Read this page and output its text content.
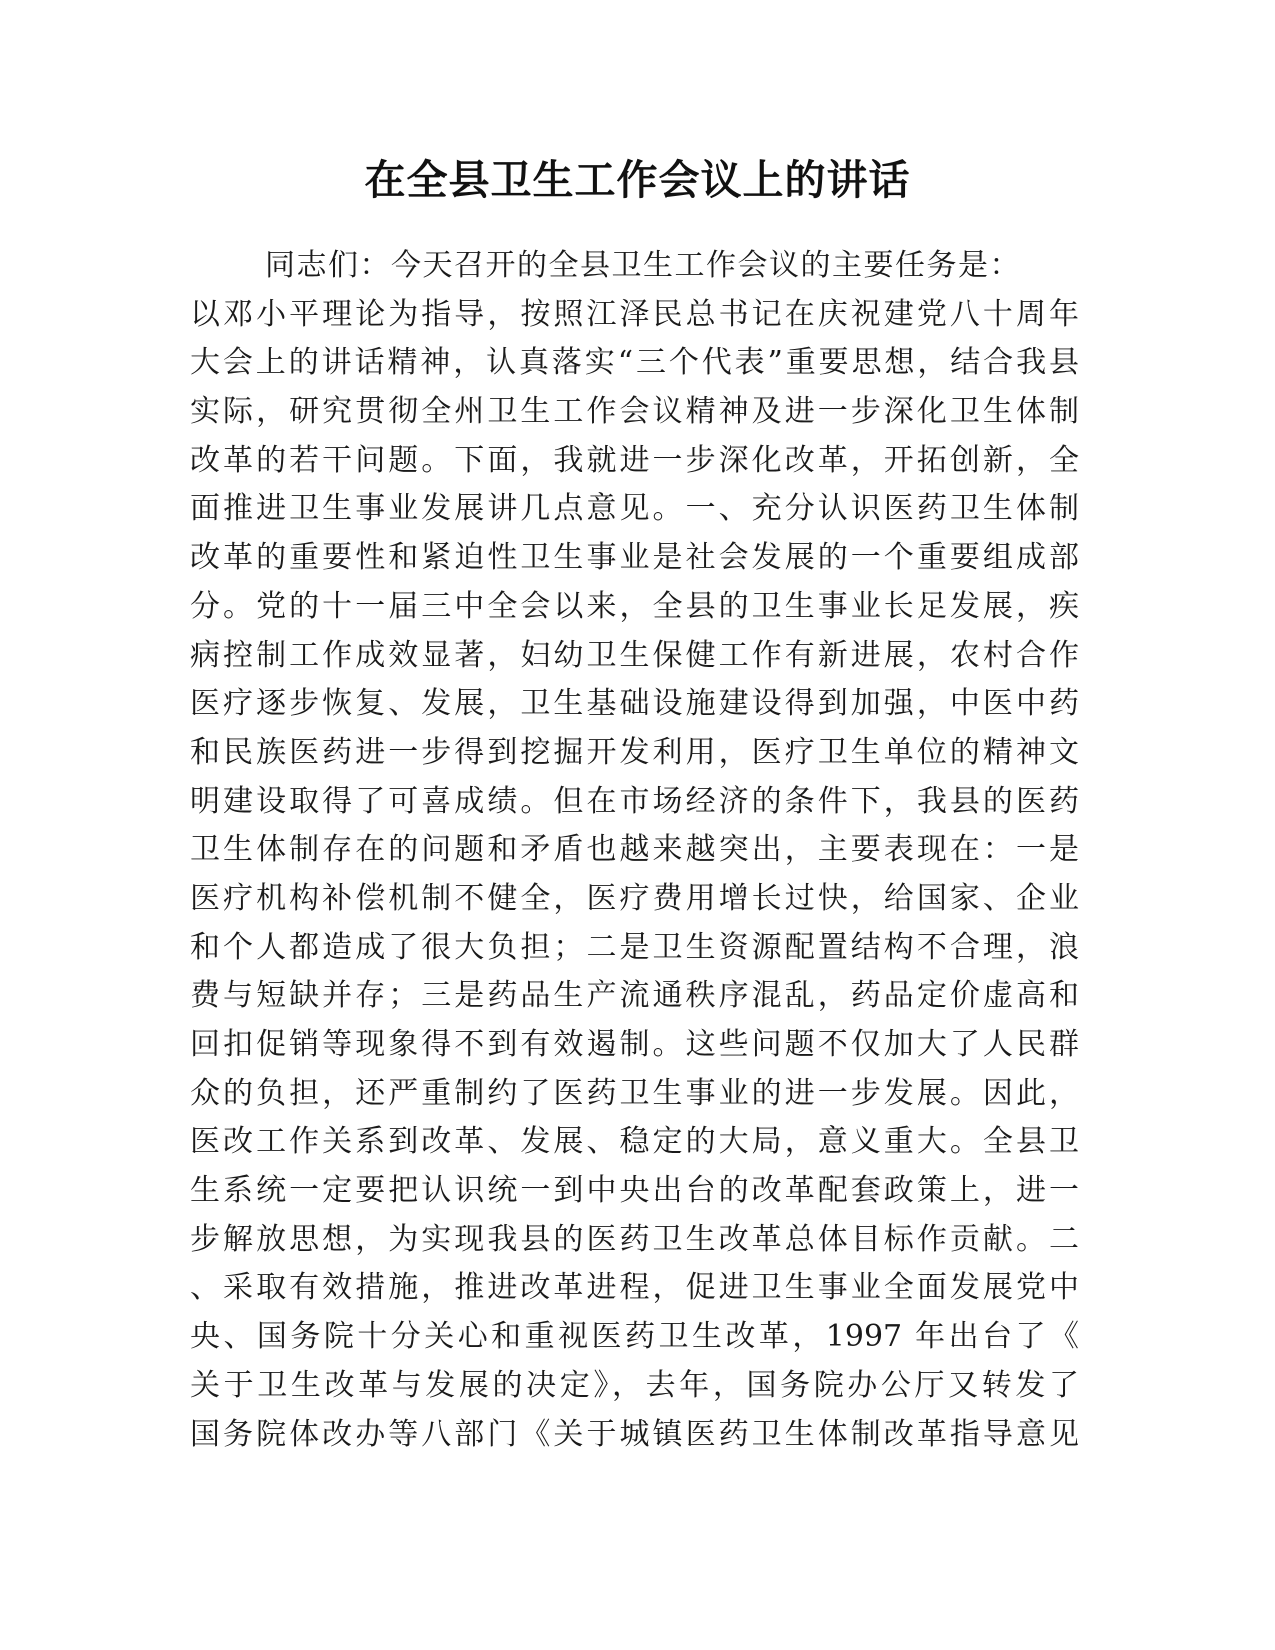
在全县卫生工作会议上的讲话
同志们：今天召开的全县卫生工作会议的主要任务是：
以邓小平理论为指导，按照江泽民总书记在庆祝建党八十周年
大会上的讲话精神，认真落实“三个代表”重要思想，结合我县
实际，研究贯彻全州卫生工作会议精神及进一步深化卫生体制
改革的若干问题。下面，我就进一步深化改革，开拓创新，全
面推进卫生事业发展讲几点意见。一、充分认识医药卫生体制
改革的重要性和紧迫性卫生事业是社会发展的一个重要组成部
分。党的十一届三中全会以来，全县的卫生事业长足发展，疾
病控制工作成效显著，妇幼卫生保健工作有新进展，农村合作
医疗逐步恢复、发展，卫生基础设施建设得到加强，中医中药
和民族医药进一步得到挖掘开发利用，医疗卫生单位的精神文
明建设取得了可喜成绩。但在市场经济的条件下，我县的医药
卫生体制存在的问题和矛盾也越来越突出，主要表现在：一是
医疗机构补偿机制不健全，医疗费用增长过快，给国家、企业
和个人都造成了很大负担；二是卫生资源配置结构不合理，浪
费与短缺并存；三是药品生产流通秩序混乱，药品定价虚高和
回扣促销等现象得不到有效遏制。这些问题不仅加大了人民群
众的负担，还严重制约了医药卫生事业的进一步发展。因此，
医改工作关系到改革、发展、稳定的大局，意义重大。全县卫
生系统一定要把认识统一到中央出台的改革配套政策上，进一
步解放思想，为实现我县的医药卫生改革总体目标作贡献。二
、采取有效措施，推进改革进程，促进卫生事业全面发展党中
央、国务院十分关心和重视医药卫生改革，1997 年出台了《
关于卫生改革与发展的决定》，去年，国务院办公厅又转发了
国务院体改办等八部门《关于城镇医药卫生体制改革指导意见
